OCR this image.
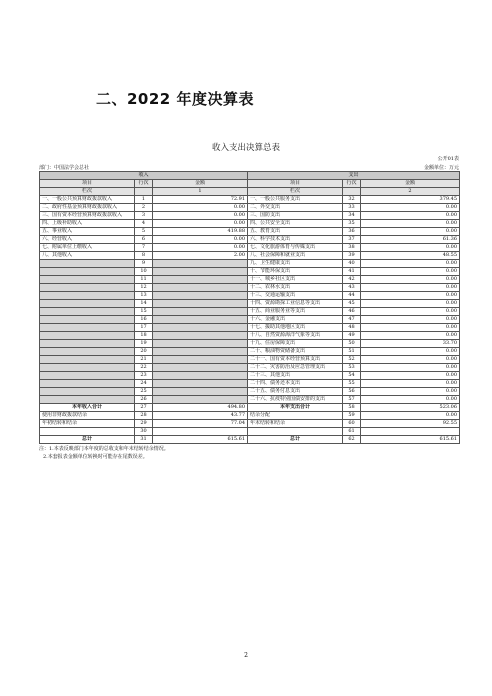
二、2022 年度决算表
收入支出决算总表
公开01表
部门：中国法学会总社	金额单位：万元
收入			支出		
项目	行次	金额	项目	行次	金额
栏次		1	栏次		2
一、一般公共预算财政拨款收入	1	72.91	一、一般公共服务支出	32	379.45
二、政府性基金预算财政拨款收入	2	0.00	二、外交支出	33	0.00
三、国有资本经营预算财政拨款收入	3	0.00	三、国防支出	34	0.00
四、上级补助收入	4	0.00	四、公共安全支出	35	0.00
五、事业收入	5	419.88	五、教育支出	36	0.00
六、经营收入	6	0.00	六、科学技术支出	37	61.36
七、附属单位上缴收入	7	0.00	七、文化旅游体育与传媒支出	38	0.00
八、其他收入	8	2.00	八、社会保障和就业支出	39	48.55
	9		九、卫生健康支出	40	0.00
	10		十、节能环保支出	41	0.00
	11		十一、城乡社区支出	42	0.00
	12		十二、农林水支出	43	0.00
	13		十三、交通运输支出	44	0.00
	14		十四、资源勘探工业信息等支出	45	0.00
	15		十五、商业服务业等支出	46	0.00
	16		十六、金融支出	47	0.00
	17		十七、援助其他地区支出	48	0.00
	18		十八、自然资源海洋气象等支出	49	0.00
	19		十九、住房保障支出	50	33.70
	20		二十、粮油物资储备支出	51	0.00
	21		二十一、国有资本经营预算支出	52	0.00
	22		二十二、灾害防治及应急管理支出	53	0.00
	23		二十三、其他支出	54	0.00
	24		二十四、债务还本支出	55	0.00
	25		二十五、债务付息支出	56	0.00
	26		二十六、抗疫特别国债安排的支出	57	0.00
本年收入合计	27	494.80	本年支出合计	58	523.06
使用非财政拨款结余	28	43.77	结余分配	59	0.00
年初结转和结余	29	77.04	年末结转和结余	60	92.55
	30			61	
总计	31	615.61	总计	62	615.61
注：1.本表反映部门本年度的总收支和年末结转结余情况。
2.本套报表金额单位转换时可能存在尾数误差。
2
